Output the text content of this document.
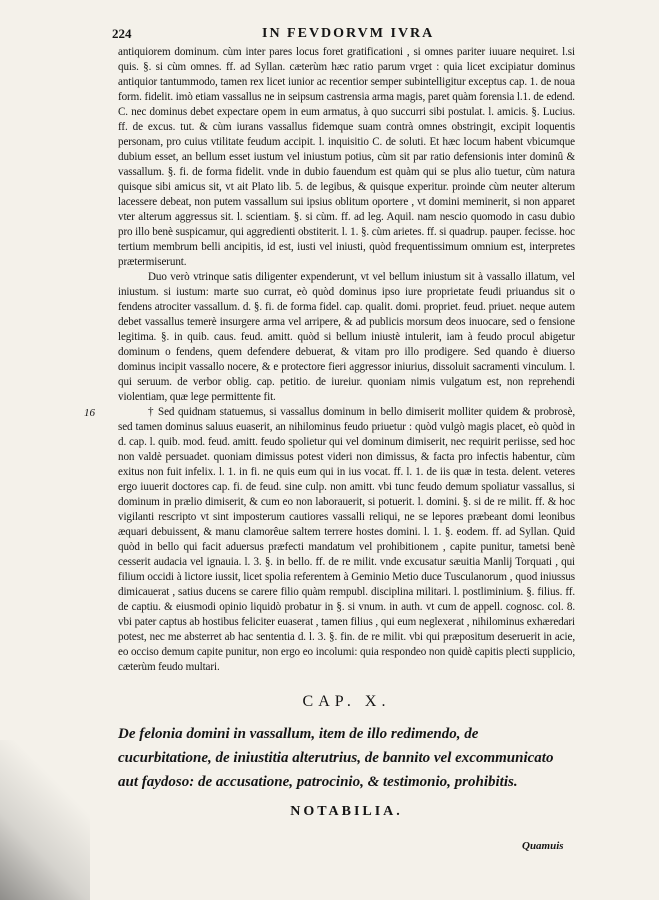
224	IN FEVDORVM IVRA

antiquiorem dominum. cùm inter pares locus foret gratificationi , si omnes pariter iuuare nequiret. l.si quis. §. si cùm omnes. ff. ad Syllan. cæterùm hæc ratio parum vrget : quia licet excipiatur dominus antiquior tantummodo, tamen rex licet iunior ac recentior semper subintelligitur exceptus cap. 1. de noua form. fidelit. imò etiam vassallus ne in seipsum castrensia arma magis, paret quàm forensia l.1. de edend. C. nec dominus debet expectare opem in eum armatus, à quo succurri sibi postulat. l. amicis. §. Lucius. ff. de excus. tut. & cùm iurans vassallus fidemque suam contrà omnes obstringit, excipit loquentis personam, pro cuius vtilitate feudum accipit. l. inquisitio C. de soluti. Et hæc locum habent vbicumque dubium esset, an bellum esset iustum vel iniustum potius, cùm sit par ratio defensionis inter dominû & vassallum. §. fi. de forma fidelit. vnde in dubio fauendum est quàm qui se plus alio tuetur, cùm natura quisque sibi amicus sit, vt ait Plato lib. 5. de legibus, & quisque experitur. proinde cùm neuter alterum lacessere debeat, non putem vassallum sui ipsius oblitum oportere , vt domini meminerit, si non apparet vter alterum aggressus sit. l. scientiam. §. si cùm. ff. ad leg. Aquil. nam nescio quomodo in casu dubio pro illo benè suspicamur, qui aggredienti obstiterit. l. 1. §. cùm arietes. ff. si quadrup. pauper. fecisse. hoc tertium membrum belli ancipitis, id est, iusti vel iniusti, quòd frequentissimum omnium est, interpretes prætermiserunt.

Duo verò vtrinque satis diligenter expenderunt, vt vel bellum iniustum sit à vassallo illatum, vel iniustum. si iustum: marte suo currat, eò quòd dominus ipso iure proprietate feudi priuandus sit o fendens atrociter vassallum. d. §. fi. de forma fidel. cap. qualit. domi. propriet. feud. priuet. neque autem debet vassallus temerè insurgere arma vel arripere, & ad publicis morsum deos inuocare, sed o fensione legitima. §. in quib. caus. feud. amitt. quòd si bellum iniustè intulerit, iam à feudo procul abigetur dominum o fendens, quem defendere debuerat, & vitam pro illo prodigere. Sed quando è diuerso dominus incipit vassallo nocere, & e protectore fieri aggressor iniurius, dissoluit sacramenti vinculum. l. qui seruum. de verbor oblig. cap. petitio. de iureiur. quoniam nimis vulgatum est, non reprehendi violentiam, quæ lege permittente fit.

† Sed quidnam statuemus, si vassallus dominum in bello dimiserit molliter quidem & probrosè, sed tamen dominus saluus euaserit, an nihilominus feudo priuetur : quòd vulgò magis placet, eò quòd in d. cap. l. quib. mod. feud. amitt. feudo spolietur qui vel dominum dimiserit, nec requirit periisse, sed hoc non valdè persuadet. quoniam dimissus potest videri non dimissus, & facta pro infectis habentur, cùm exitus non fuit infelix. l. 1. in fi. ne quis eum qui in ius vocat. ff. l. 1. de iis quæ in testa. delent. veteres ergo iuuerit doctores cap. fi. de feud. sine culp. non amitt. vbi tunc feudo demum spoliatur vassallus, si dominum in prælio dimiserit, & cum eo non laborauerit, si potuerit. l. domini. §. si de re milit. ff. & hoc vigilanti rescripto vt sint imposterum cautiores vassalli reliqui, ne se lepores præbeant domi leonibus æquari debuissent, & manu clamorêue saltem terrere hostes domini. l. 1. §. eodem. ff. ad Syllan. Quid quòd in bello qui facit aduersus præfecti mandatum vel prohibitionem , capite punitur, tametsi benè cesserit audacia vel ignauia. l. 3. §. in bello. ff. de re milit. vnde excusatur sæuitia Manlij Torquati , qui filium occidi à lictore iussit, licet spolia referentem à Geminio Metio duce Tusculanorum , quod iniussus dimicauerat , satius ducens se carere filio quàm rempubl. disciplina militari. l. postliminium. §. filius. ff. de captiu. & eiusmodi opinio liquidò probatur in §. si vnum. in auth. vt cum de appell. cognosc. col. 8. vbi pater captus ab hostibus feliciter euaserat , tamen filius , qui eum neglexerat , nihilominus exhæredari potest, nec me absterret ab hac sententia d. l. 3. §. fin. de re milit. vbi qui præpositum deseruerit in acie, eo occiso demum capite punitur, non ergo eo incolumi: quia respondeo non quidè capitis plecti supplicio, cæterùm feudo multari.

16
CAP. X.
De felonia domini in vassallum, item de illo redimendo, de cucurbitatione, de iniustitia alterutrius, de bannito vel excommunicato aut faydoso: de accusatione, patrocinio, & testimonio, prohibitis.
NOTABILIA.
Quamuis
